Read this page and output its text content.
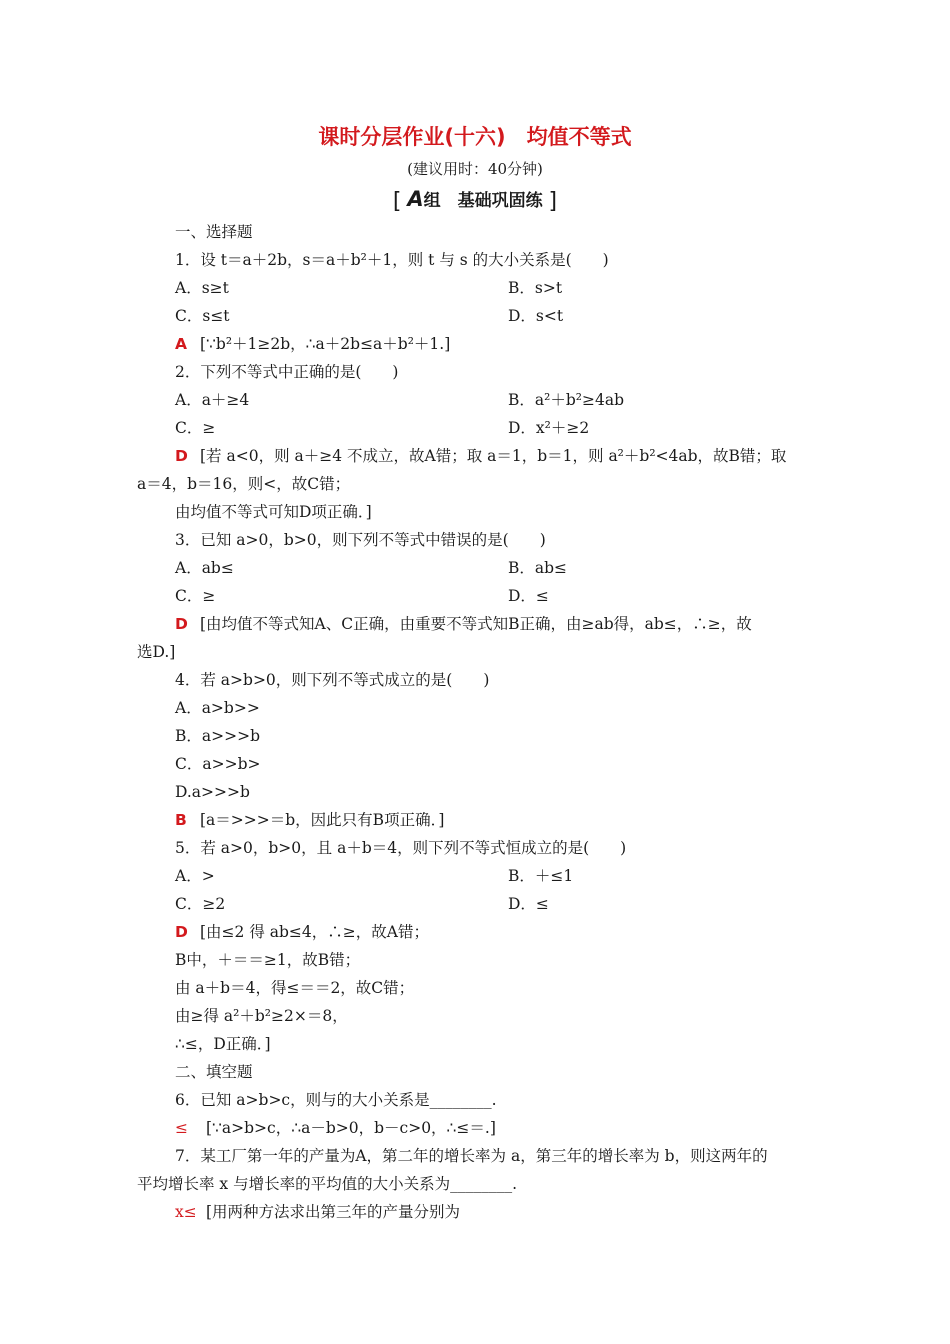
课时分层作业(十六)　均值不等式
(建议用时：40分钟)
[ A组　基础巩固练 ]
一、选择题
1．设 t＝a＋2b，s＝a＋b²＋1，则 t 与 s 的大小关系是(　　)
A．s≥t	B．s>t
C．s≤t	D．s<t
A [∵b²＋1≥2b，∴a＋2b≤a＋b²＋1.]
2．下列不等式中正确的是(　　)
A．a＋≥4	B．a²＋b²≥4ab
C．≥	D．x²＋≥2
D [若 a<0，则 a＋≥4 不成立，故A错；取 a＝1，b＝1，则 a²＋b²<4ab，故B错；取
a＝4，b＝16，则<，故C错；
由均值不等式可知D项正确．]
3．已知 a>0，b>0，则下列不等式中错误的是(　　)
A．ab≤	B．ab≤
C．≥	D．≤
D [由均值不等式知A、C正确，由重要不等式知B正确，由≥ab得，ab≤，∴≥，故
选D.]
4．若 a>b>0，则下列不等式成立的是(　　)
A．a>b>>
B．a>>>b
C．a>>b>
D.a>>>b
B [a＝>>>＝b，因此只有B项正确．]
5．若 a>0，b>0，且 a＋b＝4，则下列不等式恒成立的是(　　)
A．>	B．＋≤1
C．≥2	D．≤
D [由≤2 得 ab≤4，∴≥，故A错；
B中，＋＝＝≥1，故B错；
由 a＋b＝4，得≤＝＝2，故C错；
由≥得 a²＋b²≥2×＝8，
∴≤，D正确．]
二、填空题
6．已知 a>b>c，则与的大小关系是________.
≤ [∵a>b>c，∴a－b>0，b－c>0，∴≤＝.]
7．某工厂第一年的产量为A，第二年的增长率为 a，第三年的增长率为 b，则这两年的
平均增长率 x 与增长率的平均值的大小关系为________.
x≤ [用两种方法求出第三年的产量分别为
